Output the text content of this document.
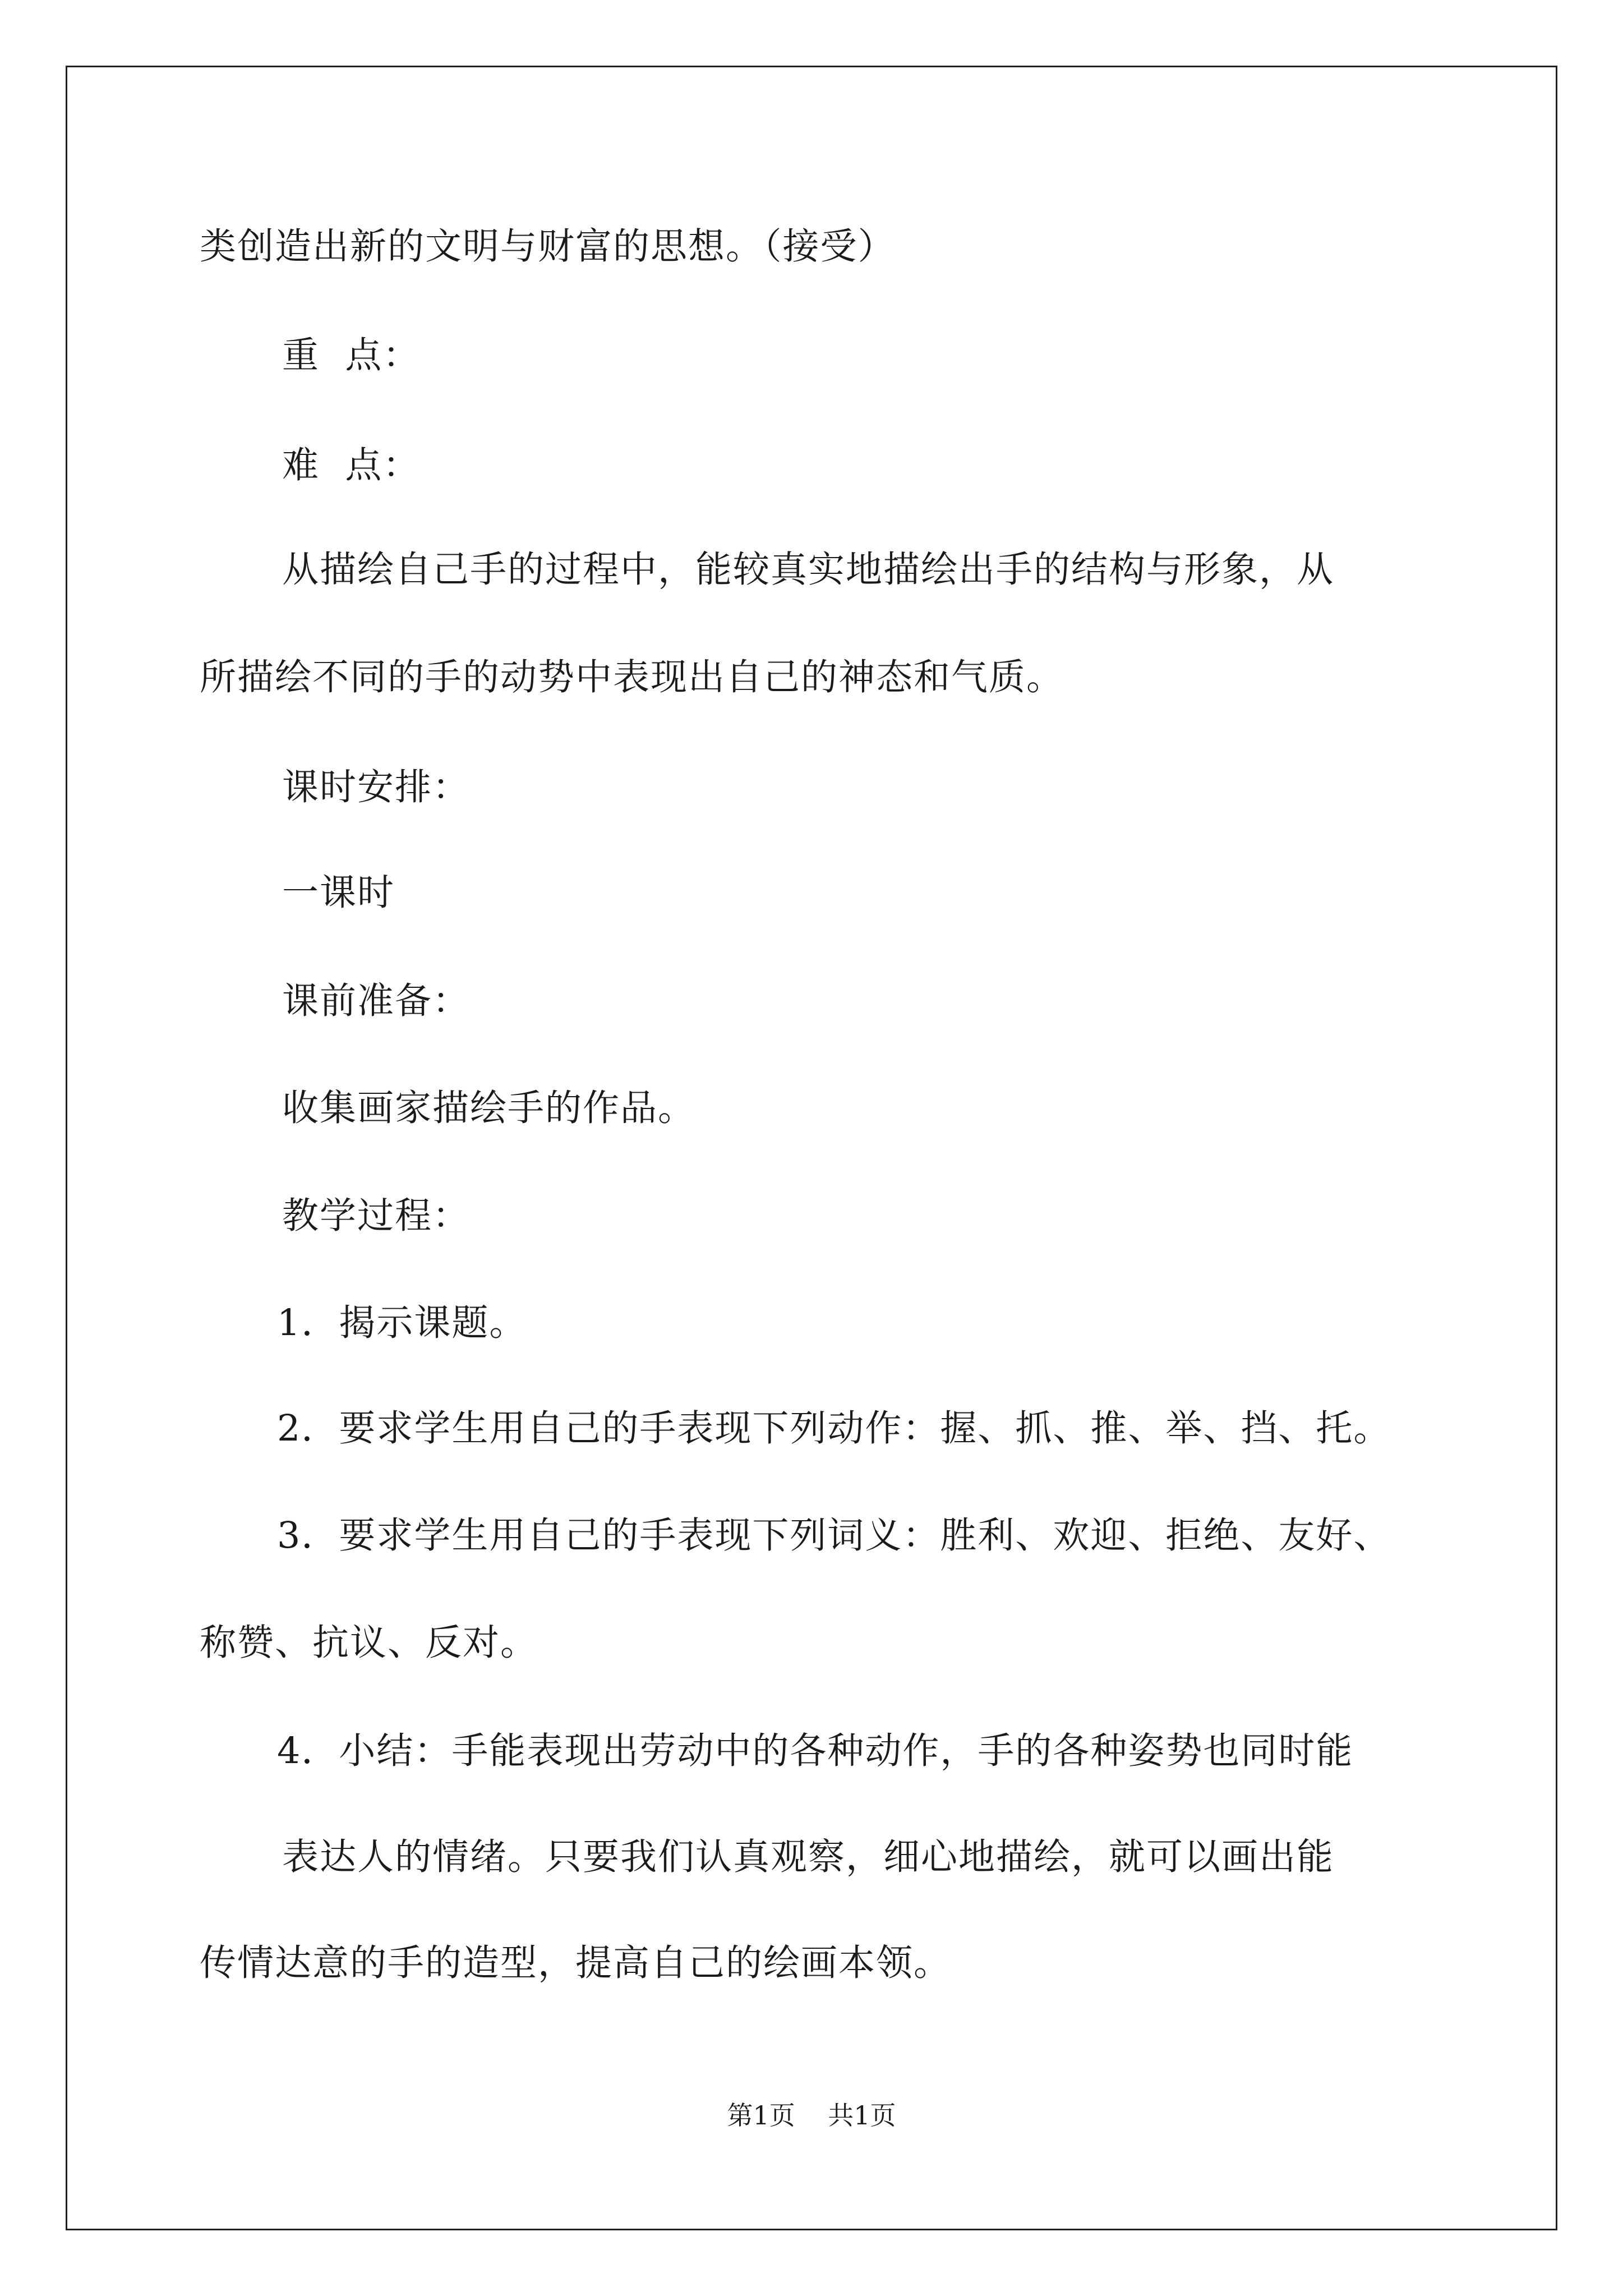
类创造出新的文明与财富的思想。（接受）
重  点：
难  点：
从描绘自己手的过程中，能较真实地描绘出手的结构与形象，从
所描绘不同的手的动势中表现出自己的神态和气质。
课时安排：
一课时
课前准备：
收集画家描绘手的作品。
教学过程：
1．揭示课题。
2．要求学生用自己的手表现下列动作：握、抓、推、举、挡、托。
3．要求学生用自己的手表现下列词义：胜利、欢迎、拒绝、友好、
称赞、抗议、反对。
4．小结：手能表现出劳动中的各种动作，手的各种姿势也同时能
表达人的情绪。只要我们认真观察，细心地描绘，就可以画出能
传情达意的手的造型，提高自己的绘画本领。
第1页    共1页
